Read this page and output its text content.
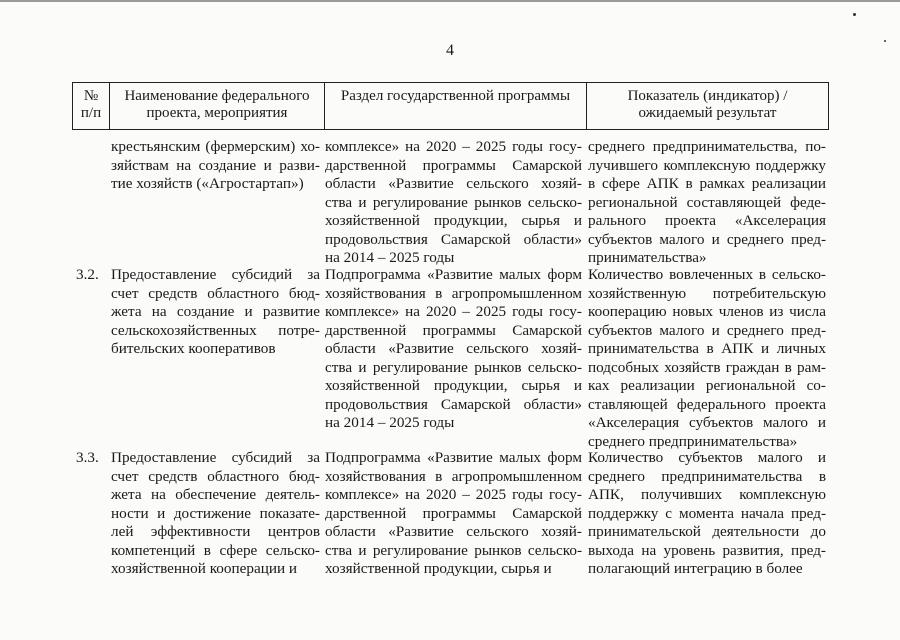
4
№
п/п
Наименование федерального
проекта, мероприятия
Раздел государственной программы	Показатель (индикатор) /
ожидаемый результат
крестьянским (фермерским) хо-
зяйствам на создание и разви-
тие хозяйств («Агростартап»)
комплексе» на 2020 – 2025 годы госу-
дарственной программы Самарской
области «Развитие сельского хозяй-
ства и регулирование рынков сельско-
хозяйственной продукции, сырья и
продовольствия Самарской области»
на 2014 – 2025 годы
среднего предпринимательства, по-
лучившего комплексную поддержку
в сфере АПК в рамках реализации
региональной составляющей феде-
рального проекта «Акселерация
субъектов малого и среднего пред-
принимательства»
3.2. Предоставление субсидий за
счет средств областного бюд-
жета на создание и развитие
сельскохозяйственных потре-
бительских кооперативов
Подпрограмма «Развитие малых форм
хозяйствования в агропромышленном
комплексе» на 2020 – 2025 годы госу-
дарственной программы Самарской
области «Развитие сельского хозяй-
ства и регулирование рынков сельско-
хозяйственной продукции, сырья и
продовольствия Самарской области»
на 2014 – 2025 годы
Количество вовлеченных в сельско-
хозяйственную потребительскую
кооперацию новых членов из числа
субъектов малого и среднего пред-
принимательства в АПК и личных
подсобных хозяйств граждан в рам-
ках реализации региональной со-
ставляющей федерального проекта
«Акселерация субъектов малого и
среднего предпринимательства»
3.3. Предоставление субсидий за
счет средств областного бюд-
жета на обеспечение деятель-
ности и достижение показате-
лей эффективности центров
компетенций в сфере сельско-
хозяйственной кооперации и
Подпрограмма «Развитие малых форм
хозяйствования в агропромышленном
комплексе» на 2020 – 2025 годы госу-
дарственной программы Самарской
области «Развитие сельского хозяй-
ства и регулирование рынков сельско-
хозяйственной продукции, сырья и
Количество субъектов малого и
среднего предпринимательства в
АПК, получивших комплексную
поддержку с момента начала пред-
принимательской деятельности до
выхода на уровень развития, пред-
полагающий интеграцию в более
